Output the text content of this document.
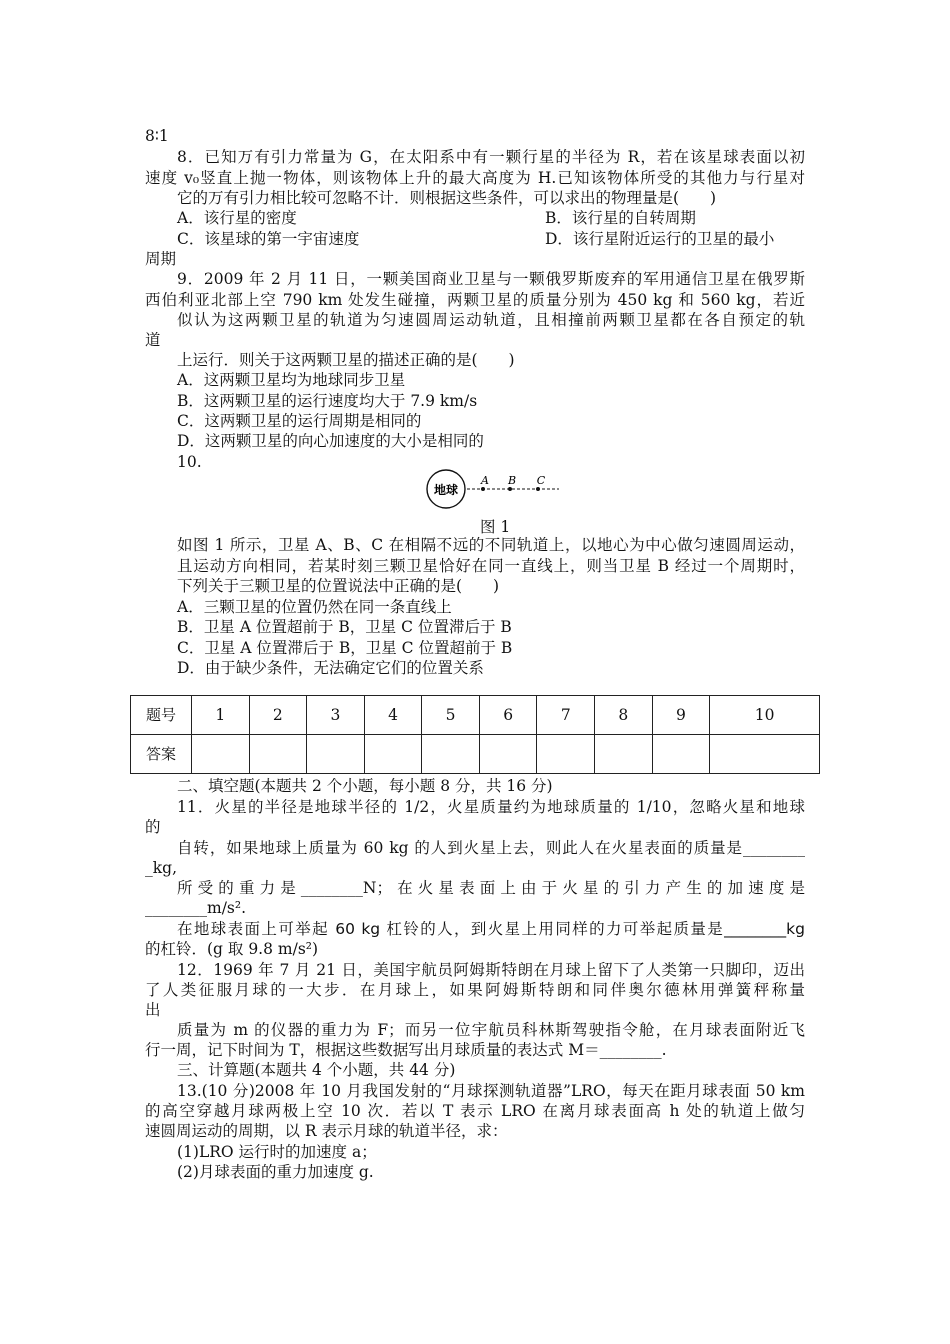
8∶1
8．已知万有引力常量为 G，在太阳系中有一颗行星的半径为 R，若在该星球表面以初
速度 v₀竖直上抛一物体，则该物体上升的最大高度为 H.已知该物体所受的其他力与行星对
它的万有引力相比较可忽略不计．则根据这些条件，可以求出的物理量是(　　)
A．该行星的密度	B．该行星的自转周期
C．该星球的第一宇宙速度	D．该行星附近运行的卫星的最小
周期
9．2009 年 2 月 11 日，一颗美国商业卫星与一颗俄罗斯废弃的军用通信卫星在俄罗斯
西伯利亚北部上空 790 km 处发生碰撞，两颗卫星的质量分别为 450 kg 和 560 kg，若近
似认为这两颗卫星的轨道为匀速圆周运动轨道，且相撞前两颗卫星都在各自预定的轨
道
上运行．则关于这两颗卫星的描述正确的是(　　)
A．这两颗卫星均为地球同步卫星
B．这两颗卫星的运行速度均大于 7.9 km/s
C．这两颗卫星的运行周期是相同的
D．这两颗卫星的向心加速度的大小是相同的
10.
地球
A B C
图 1
如图 1 所示，卫星 A、B、C 在相隔不远的不同轨道上，以地心为中心做匀速圆周运动，
且运动方向相同，若某时刻三颗卫星恰好在同一直线上，则当卫星 B 经过一个周期时，
下列关于三颗卫星的位置说法中正确的是(　　)
A．三颗卫星的位置仍然在同一条直线上
B．卫星 A 位置超前于 B，卫星 C 位置滞后于 B
C．卫星 A 位置滞后于 B，卫星 C 位置超前于 B
D．由于缺少条件，无法确定它们的位置关系
题号	1	2	3	4	5	6	7	8	9	10
答案										
二、填空题(本题共 2 个小题，每小题 8 分，共 16 分)
11．火星的半径是地球半径的 1/2，火星质量约为地球质量的 1/10，忽略火星和地球
的
自转，如果地球上质量为 60 kg 的人到火星上去，则此人在火星表面的质量是________
_kg,
所受的重力是________N；在火星表面上由于火星的引力产生的加速度是
________m/s².
在地球表面上可举起 60 kg 杠铃的人，到火星上用同样的力可举起质量是________kg
的杠铃．(g 取 9.8 m/s²)
12．1969 年 7 月 21 日，美国宇航员阿姆斯特朗在月球上留下了人类第一只脚印，迈出
了人类征服月球的一大步．在月球上，如果阿姆斯特朗和同伴奥尔德林用弹簧秤称量
出
质量为 m 的仪器的重力为 F；而另一位宇航员科林斯驾驶指令舱，在月球表面附近飞
行一周，记下时间为 T，根据这些数据写出月球质量的表达式 M＝________.
三、计算题(本题共 4 个小题，共 44 分)
13.(10 分)2008 年 10 月我国发射的“月球探测轨道器”LRO，每天在距月球表面 50 km
的高空穿越月球两极上空 10 次．若以 T 表示 LRO 在离月球表面高 h 处的轨道上做匀
速圆周运动的周期，以 R 表示月球的轨道半径，求：
(1)LRO 运行时的加速度 a；
(2)月球表面的重力加速度 g.
